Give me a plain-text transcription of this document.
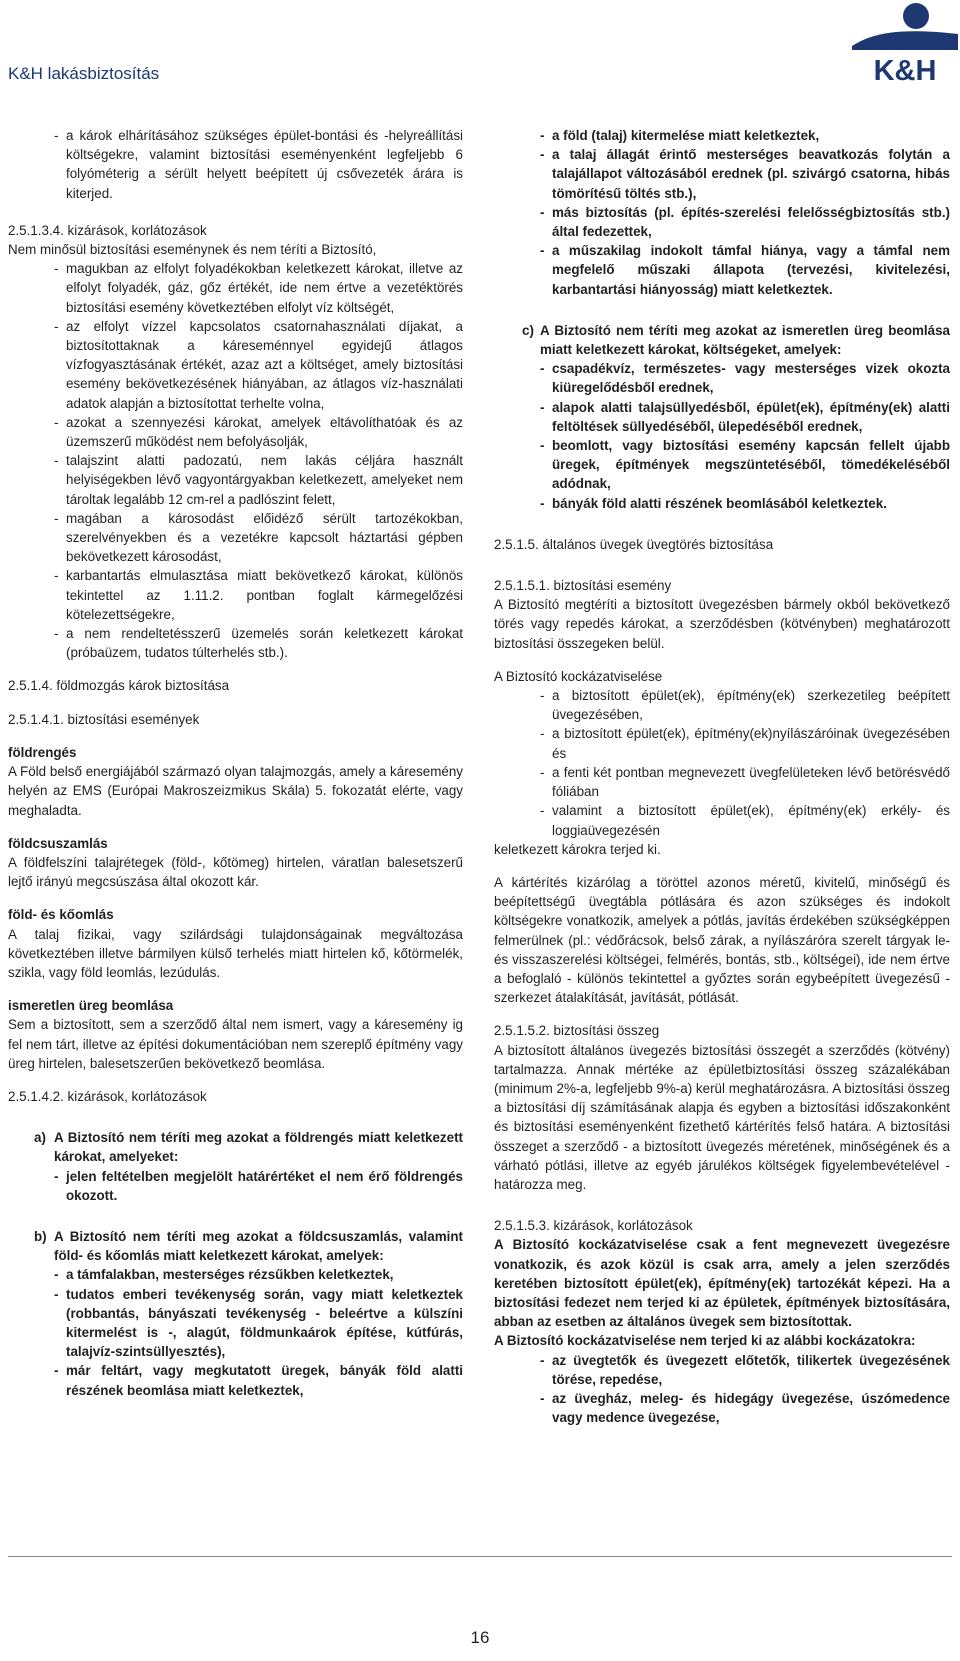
K&H lakásbiztosítás	K&H
- a károk elhárításához szükséges épület-bontási és -helyreállítási költségekre, valamint biztosítási eseményenként legfeljebb 6 folyóméterig a sérült helyett beépített új csővezeték árára is kiterjed.

2.5.1.3.4. kizárások, korlátozások

Nem minősül biztosítási eseménynek és nem téríti a Biztosító,

- magukban az elfolyt folyadékokban keletkezett károkat, illetve az elfolyt folyadék, gáz, gőz értékét, ide nem értve a vezetéktörés biztosítási esemény következtében elfolyt víz költségét,
- az elfolyt vízzel kapcsolatos csatornahasználati díjakat, a biztosítottaknak a káreseménnyel egyidejű átlagos vízfogyasztásának értékét, azaz azt a költséget, amely biztosítási esemény bekövetkezésének hiányában, az átlagos víz-használati adatok alapján a biztosítottat terhelte volna,
- azokat a szennyezési károkat, amelyek eltávolíthatóak és az üzemszerű működést nem befolyásolják,
- talajszint alatti padozatú, nem lakás céljára használt helyiségekben lévő vagyontárgyakban keletkezett, amelyeket nem tároltak legalább 12 cm-rel a padlószint felett,
- magában a károsodást előidéző sérült tartozékokban, szerelvényekben és a vezetékre kapcsolt háztartási gépben bekövetkezett károsodást,
- karbantartás elmulasztása miatt bekövetkező károkat, különös tekintettel az 1.11.2. pontban foglalt kármegelőzési kötelezettségekre,
- a nem rendeltetésszerű üzemelés során keletkezett károkat (próbaüzem, tudatos túlterhelés stb.).

2.5.1.4. földmozgás károk biztosítása

2.5.1.4.1. biztosítási események

földrengés

A Föld belső energiájából származó olyan talajmozgás, amely a káresemény helyén az EMS (Európai Makroszeizmikus Skála) 5. fokozatát elérte, vagy meghaladta.

földcsuszamlás

A földfelszíni talajrétegek (föld-, kőtömeg) hirtelen, váratlan balesetszerű lejtő irányú megcsúszása által okozott kár.

föld- és kőomlás

A talaj fizikai, vagy szilárdsági tulajdonságainak megváltozása következtében illetve bármilyen külső terhelés miatt hirtelen kő, kőtörmelék, szikla, vagy föld leomlás, lezúdulás.

ismeretlen üreg beomlása

Sem a biztosított, sem a szerződő által nem ismert, vagy a káresemény ig fel nem tárt, illetve az építési dokumentációban nem szereplő építmény vagy üreg hirtelen, balesetszerűen bekövetkező beomlása.

2.5.1.4.2. kizárások, korlátozások

a) A Biztosító nem téríti meg azokat a földrengés miatt keletkezett károkat, amelyeket:

- jelen feltételben megjelölt határértéket el nem érő földrengés okozott.
b) A Biztosító nem téríti meg azokat a földcsuszamlás, valamint föld- és kőomlás miatt keletkezett károkat, amelyek:

- a támfalakban, mesterséges rézsűkben keletkeztek,
- tudatos emberi tevékenység során, vagy miatt keletkeztek (robbantás, bányászati tevékenység - beleértve a külszíni kitermelést is -, alagút, földmunkaárok építése, kútfúrás, talajvíz-szintsüllyesztés),
- már feltárt, vagy megkutatott üregek, bányák föld alatti részének beomlása miatt keletkeztek,
- a föld (talaj) kitermelése miatt keletkeztek,
- a talaj állagát érintő mesterséges beavatkozás folytán a talajállapot változásából erednek (pl. szivárgó csatorna, hibás tömörítésű töltés stb.),
- más biztosítás (pl. építés-szerelési felelősségbiztosítás stb.) által fedezettek,
- a műszakilag indokolt támfal hiánya, vagy a támfal nem megfelelő műszaki állapota (tervezési, kivitelezési, karbantartási hiányosság) miatt keletkeztek.
c) A Biztosító nem téríti meg azokat az ismeretlen üreg beomlása miatt keletkezett károkat, költségeket, amelyek:

- csapadékvíz, természetes- vagy mesterséges vizek okozta kiüregelődésből erednek,
- alapok alatti talajsüllyedésből, épület(ek), építmény(ek) alatti feltöltések süllyedéséből, ülepedéséből erednek,
- beomlott, vagy biztosítási esemény kapcsán fellelt újabb üregek, építmények megszüntetéséből, tömedékeléséből adódnak,
- bányák föld alatti részének beomlásából keletkeztek.

2.5.1.5. általános üvegek üvegtörés biztosítása

2.5.1.5.1. biztosítási esemény

A Biztosító megtéríti a biztosított üvegezésben bármely okból bekövetkező törés vagy repedés károkat, a szerződésben (kötvényben) meghatározott biztosítási összegeken belül.

A Biztosító kockázatviselése

- a biztosított épület(ek), építmény(ek) szerkezetileg beépített üvegezésében,
- a biztosított épület(ek), építmény(ek)nyílászáróinak üvegezésében és
- a fenti két pontban megnevezett üvegfelületeken lévő betörésvédő fóliában
- valamint a biztosított épület(ek), építmény(ek) erkély- és loggiaüvegezésén

keletkezett károkra terjed ki.

A kártérítés kizárólag a töröttel azonos méretű, kivitelű, minőségű és beépítettségű üvegtábla pótlására és azon szükséges és indokolt költségekre vonatkozik, amelyek a pótlás, javítás érdekében szükségképpen felmerülnek (pl.: védőrácsok, belső zárak, a nyílászáróra szerelt tárgyak le- és visszaszerelési költségei, felmérés, bontás, stb., költségei), ide nem értve a befoglaló - különös tekintettel a győztes során egybeépített üvegezésű - szerkezet átalakítását, javítását, pótlását.

2.5.1.5.2. biztosítási összeg

A biztosított általános üvegezés biztosítási összegét a szerződés (kötvény) tartalmazza. Annak mértéke az épületbiztosítási összeg százalékában (minimum 2%-a, legfeljebb 9%-a) kerül meghatározásra. A biztosítási összeg a biztosítási díj számításának alapja és egyben a biztosítási időszakonként és biztosítási eseményenként fizethető kártérítés felső határa. A biztosítási összeget a szerződő - a biztosított üvegezés méretének, minőségének és a várható pótlási, illetve az egyéb járulékos költségek figyelembevételével - határozza meg.

2.5.1.5.3. kizárások, korlátozások

A Biztosító kockázatviselése csak a fent megnevezett üvegezésre vonatkozik, és azok közül is csak arra, amely a jelen szerződés keretében biztosított épület(ek), építmény(ek) tartozékát képezi. Ha a biztosítási fedezet nem terjed ki az épületek, építmények biztosítására, abban az esetben az általános üvegek sem biztosítottak.

A Biztosító kockázatviselése nem terjed ki az alábbi kockázatokra:

- az üvegtetők és üvegezett előtetők, tilikertek üvegezésének törése, repedése,
- az üvegház, meleg- és hidegágy üvegezése, úszómedence vagy medence üvegezése,
16
